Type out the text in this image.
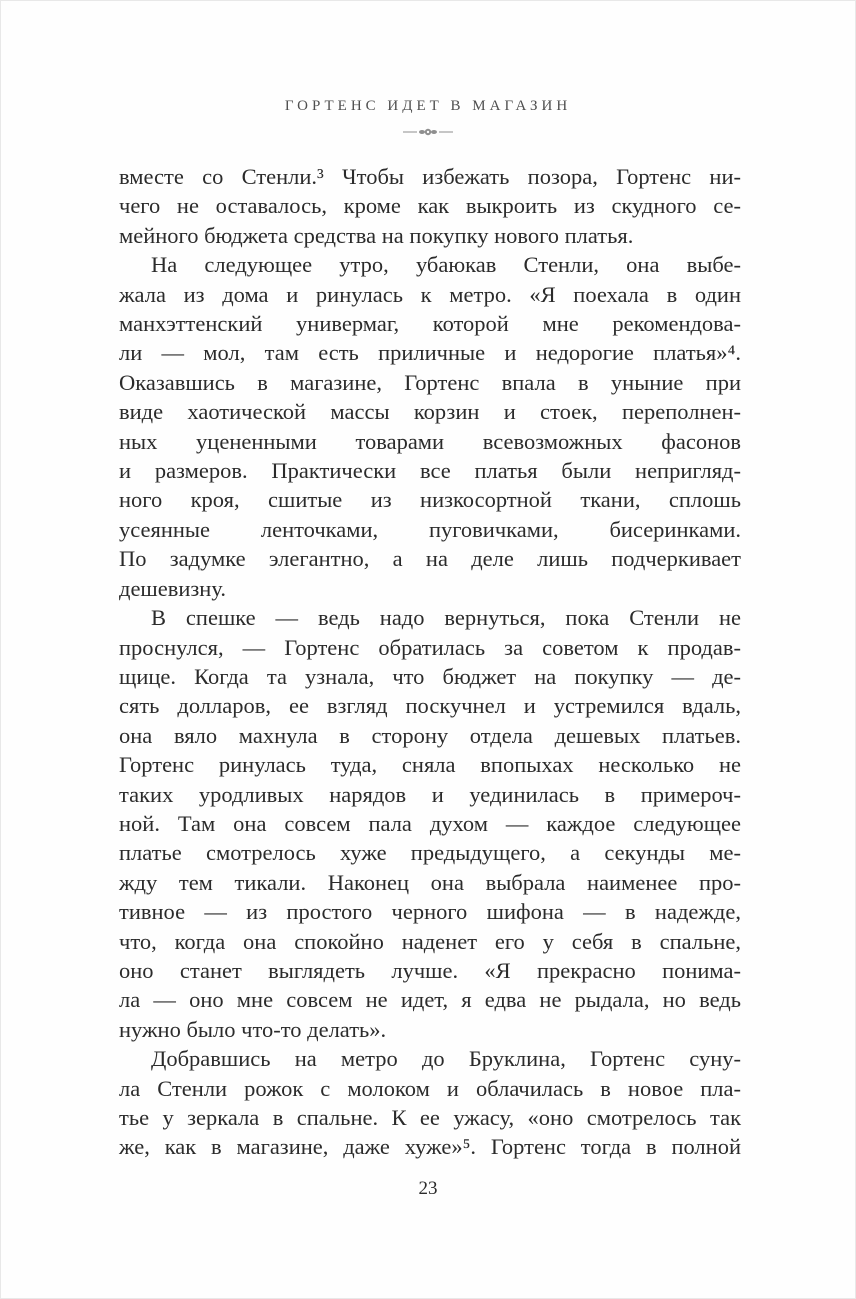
ГОРТЕНС ИДЕТ В МАГАЗИН

вместе со Стенли.³ Чтобы избежать позора, Гортенс ни-
чего не оставалось, кроме как выкроить из скудного се-
мейного бюджета средства на покупку нового платья.

На следующее утро, убаюкав Стенли, она выбе-
жала из дома и ринулась к метро. «Я поехала в один
манхэттенский универмаг, которой мне рекомендова-
ли — мол, там есть приличные и недорогие платья»⁴.
Оказавшись в магазине, Гортенс впала в уныние при
виде хаотической массы корзин и стоек, переполнен-
ных уцененными товарами всевозможных фасонов
и размеров. Практически все платья были непригляд-
ного кроя, сшитые из низкосортной ткани, сплошь
усеянные ленточками, пуговичками, бисеринками.
По задумке элегантно, а на деле лишь подчеркивает
дешевизну.

В спешке — ведь надо вернуться, пока Стенли не
проснулся, — Гортенс обратилась за советом к продав-
щице. Когда та узнала, что бюджет на покупку — де-
сять долларов, ее взгляд поскучнел и устремился вдаль,
она вяло махнула в сторону отдела дешевых платьев.
Гортенс ринулась туда, сняла впопыхах несколько не
таких уродливых нарядов и уединилась в примероч-
ной. Там она совсем пала духом — каждое следующее
платье смотрелось хуже предыдущего, а секунды ме-
жду тем тикали. Наконец она выбрала наименее про-
тивное — из простого черного шифона — в надежде,
что, когда она спокойно наденет его у себя в спальне,
оно станет выглядеть лучше. «Я прекрасно понима-
ла — оно мне совсем не идет, я едва не рыдала, но ведь
нужно было что-то делать».

Добравшись на метро до Бруклина, Гортенс суну-
ла Стенли рожок с молоком и облачилась в новое пла-
тье у зеркала в спальне. К ее ужасу, «оно смотрелось так
же, как в магазине, даже хуже»⁵. Гортенс тогда в полной

23
